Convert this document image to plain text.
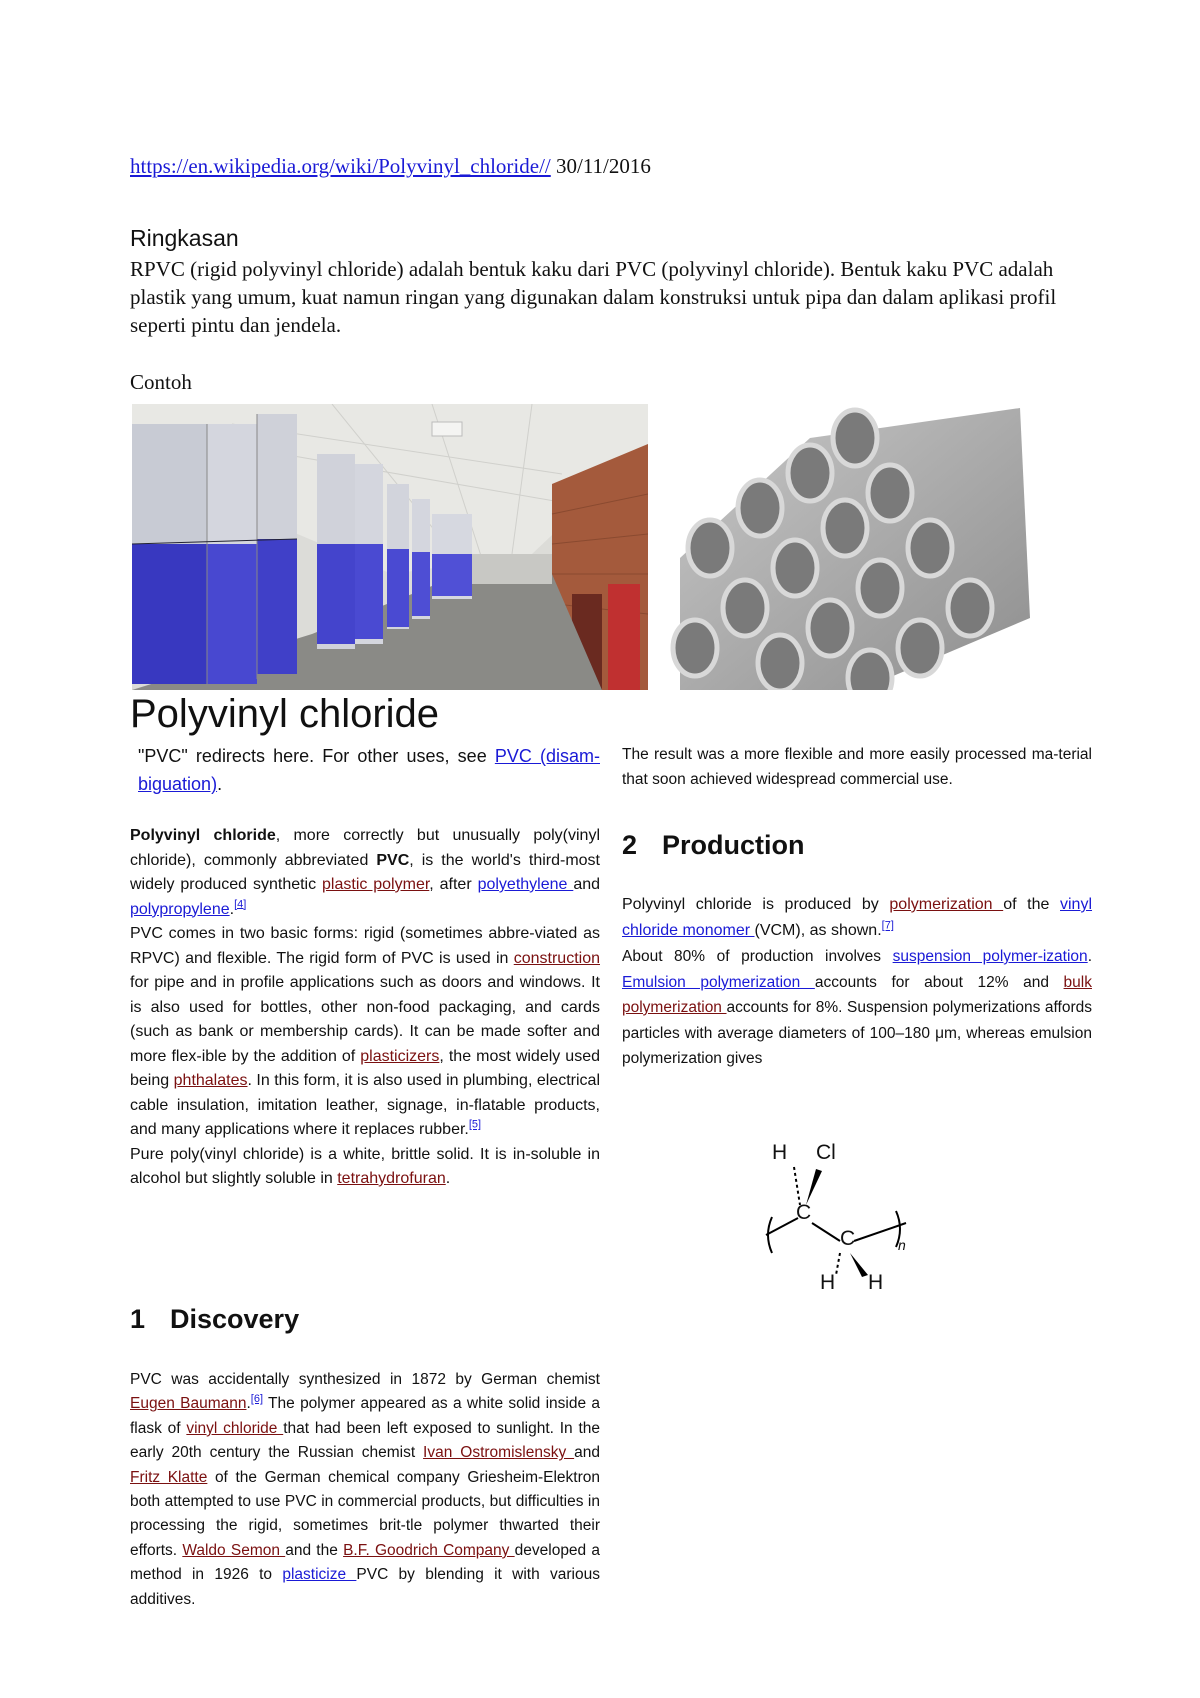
https://en.wikipedia.org/wiki/Polyvinyl_chloride// 30/11/2016
Ringkasan
RPVC (rigid polyvinyl chloride) adalah bentuk kaku dari PVC (polyvinyl chloride). Bentuk kaku PVC adalah plastik yang umum, kuat namun ringan yang digunakan dalam konstruksi untuk pipa dan dalam aplikasi profil seperti pintu dan jendela.
Contoh
Polyvinyl chloride

"PVC" redirects here. For other uses, see PVC (disam-biguation).

Polyvinyl chloride, more correctly but unusually poly(vinyl chloride), commonly abbreviated PVC, is the world's third-most widely produced synthetic plastic polymer, after polyethylene and polypropylene.[4]

PVC comes in two basic forms: rigid (sometimes abbre-viated as RPVC) and flexible. The rigid form of PVC is used in construction for pipe and in profile applications such as doors and windows. It is also used for bottles, other non-food packaging, and cards (such as bank or membership cards). It can be made softer and more flex-ible by the addition of plasticizers, the most widely used being phthalates. In this form, it is also used in plumbing, electrical cable insulation, imitation leather, signage, in-flatable products, and many applications where it replaces rubber.[5]

Pure poly(vinyl chloride) is a white, brittle solid. It is in-soluble in alcohol but slightly soluble in tetrahydrofuran.

1 Discovery

PVC was accidentally synthesized in 1872 by German chemist Eugen Baumann.[6] The polymer appeared as a white solid inside a flask of vinyl chloride that had been left exposed to sunlight. In the early 20th century the Russian chemist Ivan Ostromislensky and Fritz Klatte of the German chemical company Griesheim-Elektron both attempted to use PVC in commercial products, but difficulties in processing the rigid, sometimes brit-tle polymer thwarted their efforts. Waldo Semon and the B.F. Goodrich Company developed a method in 1926 to plasticize PVC by blending it with various additives.

The result was a more flexible and more easily processed ma-terial that soon achieved widespread commercial use.
2 Production

Polyvinyl chloride is produced by polymerization of the vinyl chloride monomer (VCM), as shown.[7]

About 80% of production involves suspension polymer-ization. Emulsion polymerization accounts for about 12% and bulk polymerization accounts for 8%. Suspension polymerizations affords particles with average diameters of 100–180 μm, whereas emulsion polymerization gives

H Cl
C
C	n
H H
